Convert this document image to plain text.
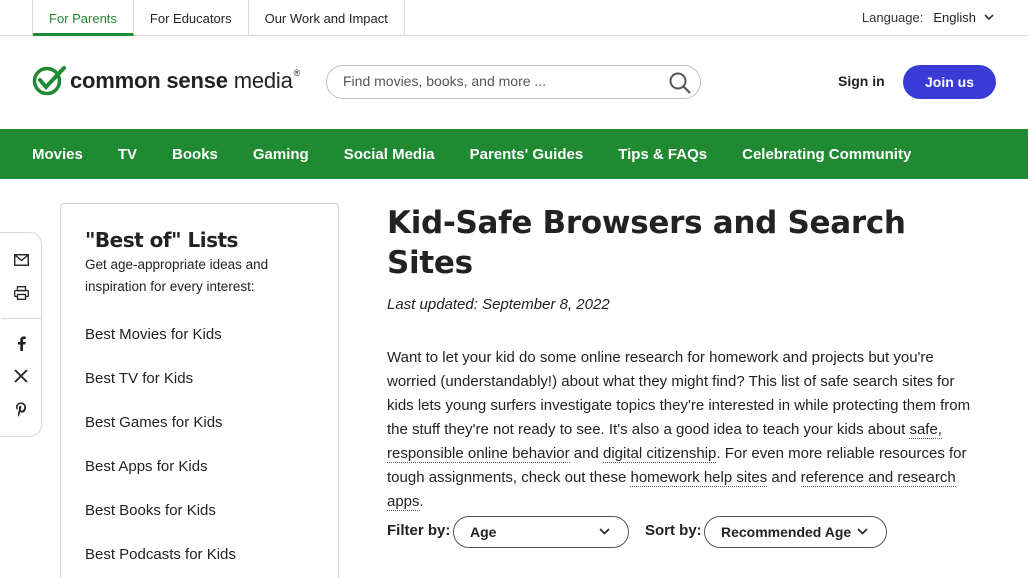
For Parents	For Educators	Our Work and Impact	Language: English
common sense media®
Find movies, books, and more ...	Sign in	Join us
Movies TV Books Gaming Social Media Parents' Guides Tips & FAQs Celebrating Community
"Best of" Lists
Get age-appropriate ideas and inspiration for every interest:
Best Movies for Kids
Best TV for Kids
Best Games for Kids
Best Apps for Kids
Best Books for Kids
Best Podcasts for Kids
Kid-Safe Browsers and Search Sites
Last updated: September 8, 2022

Want to let your kid do some online research for homework and projects but you're worried (understandably!) about what they might find? This list of safe search sites for kids lets young surfers investigate topics they're interested in while protecting them from the stuff they're not ready to see. It's also a good idea to teach your kids about safe, responsible online behavior and digital citizenship. For even more reliable resources for tough assignments, check out these homework help sites and reference and research apps.

Filter by: Age	Sort by: Recommended Age
